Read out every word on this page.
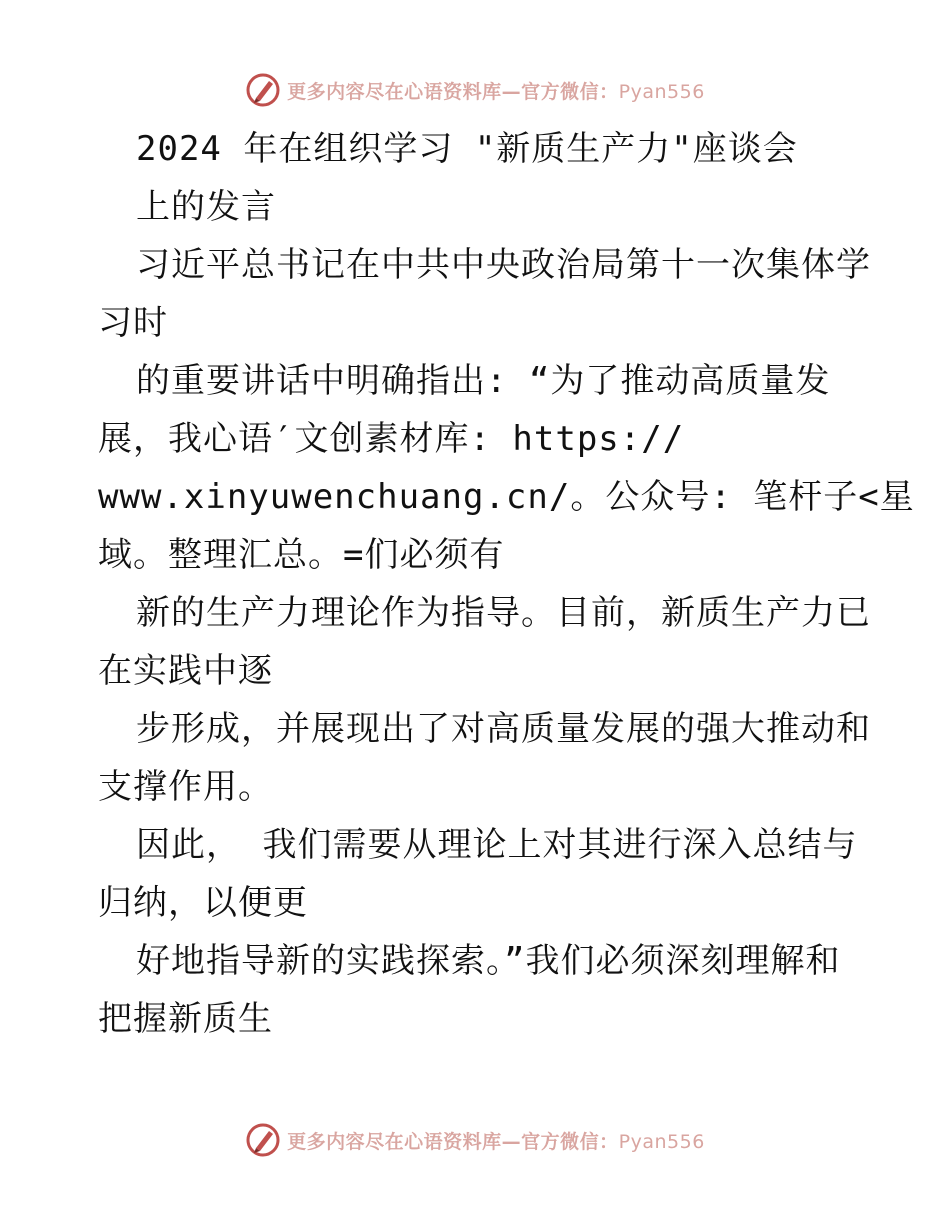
更多内容尽在心语资料库—官方微信：Pyan556
2024 年在组织学习 "新质生产力"座谈会
上的发言
习近平总书记在中共中央政治局第十一次集体学
习时
的重要讲话中明确指出: “为了推动高质量发
展，我心语′文创素材库: https://
www.xinyuwenchuang.cn/。公众号: 笔杆子<星
域。整理汇总。=们必须有
新的生产力理论作为指导。目前，新质生产力已
在实践中逐
步形成，并展现出了对高质量发展的强大推动和
支撑作用。
因此， 我们需要从理论上对其进行深入总结与
归纳，以便更
好地指导新的实践探索。”我们必须深刻理解和
把握新质生
更多内容尽在心语资料库—官方微信：Pyan556
